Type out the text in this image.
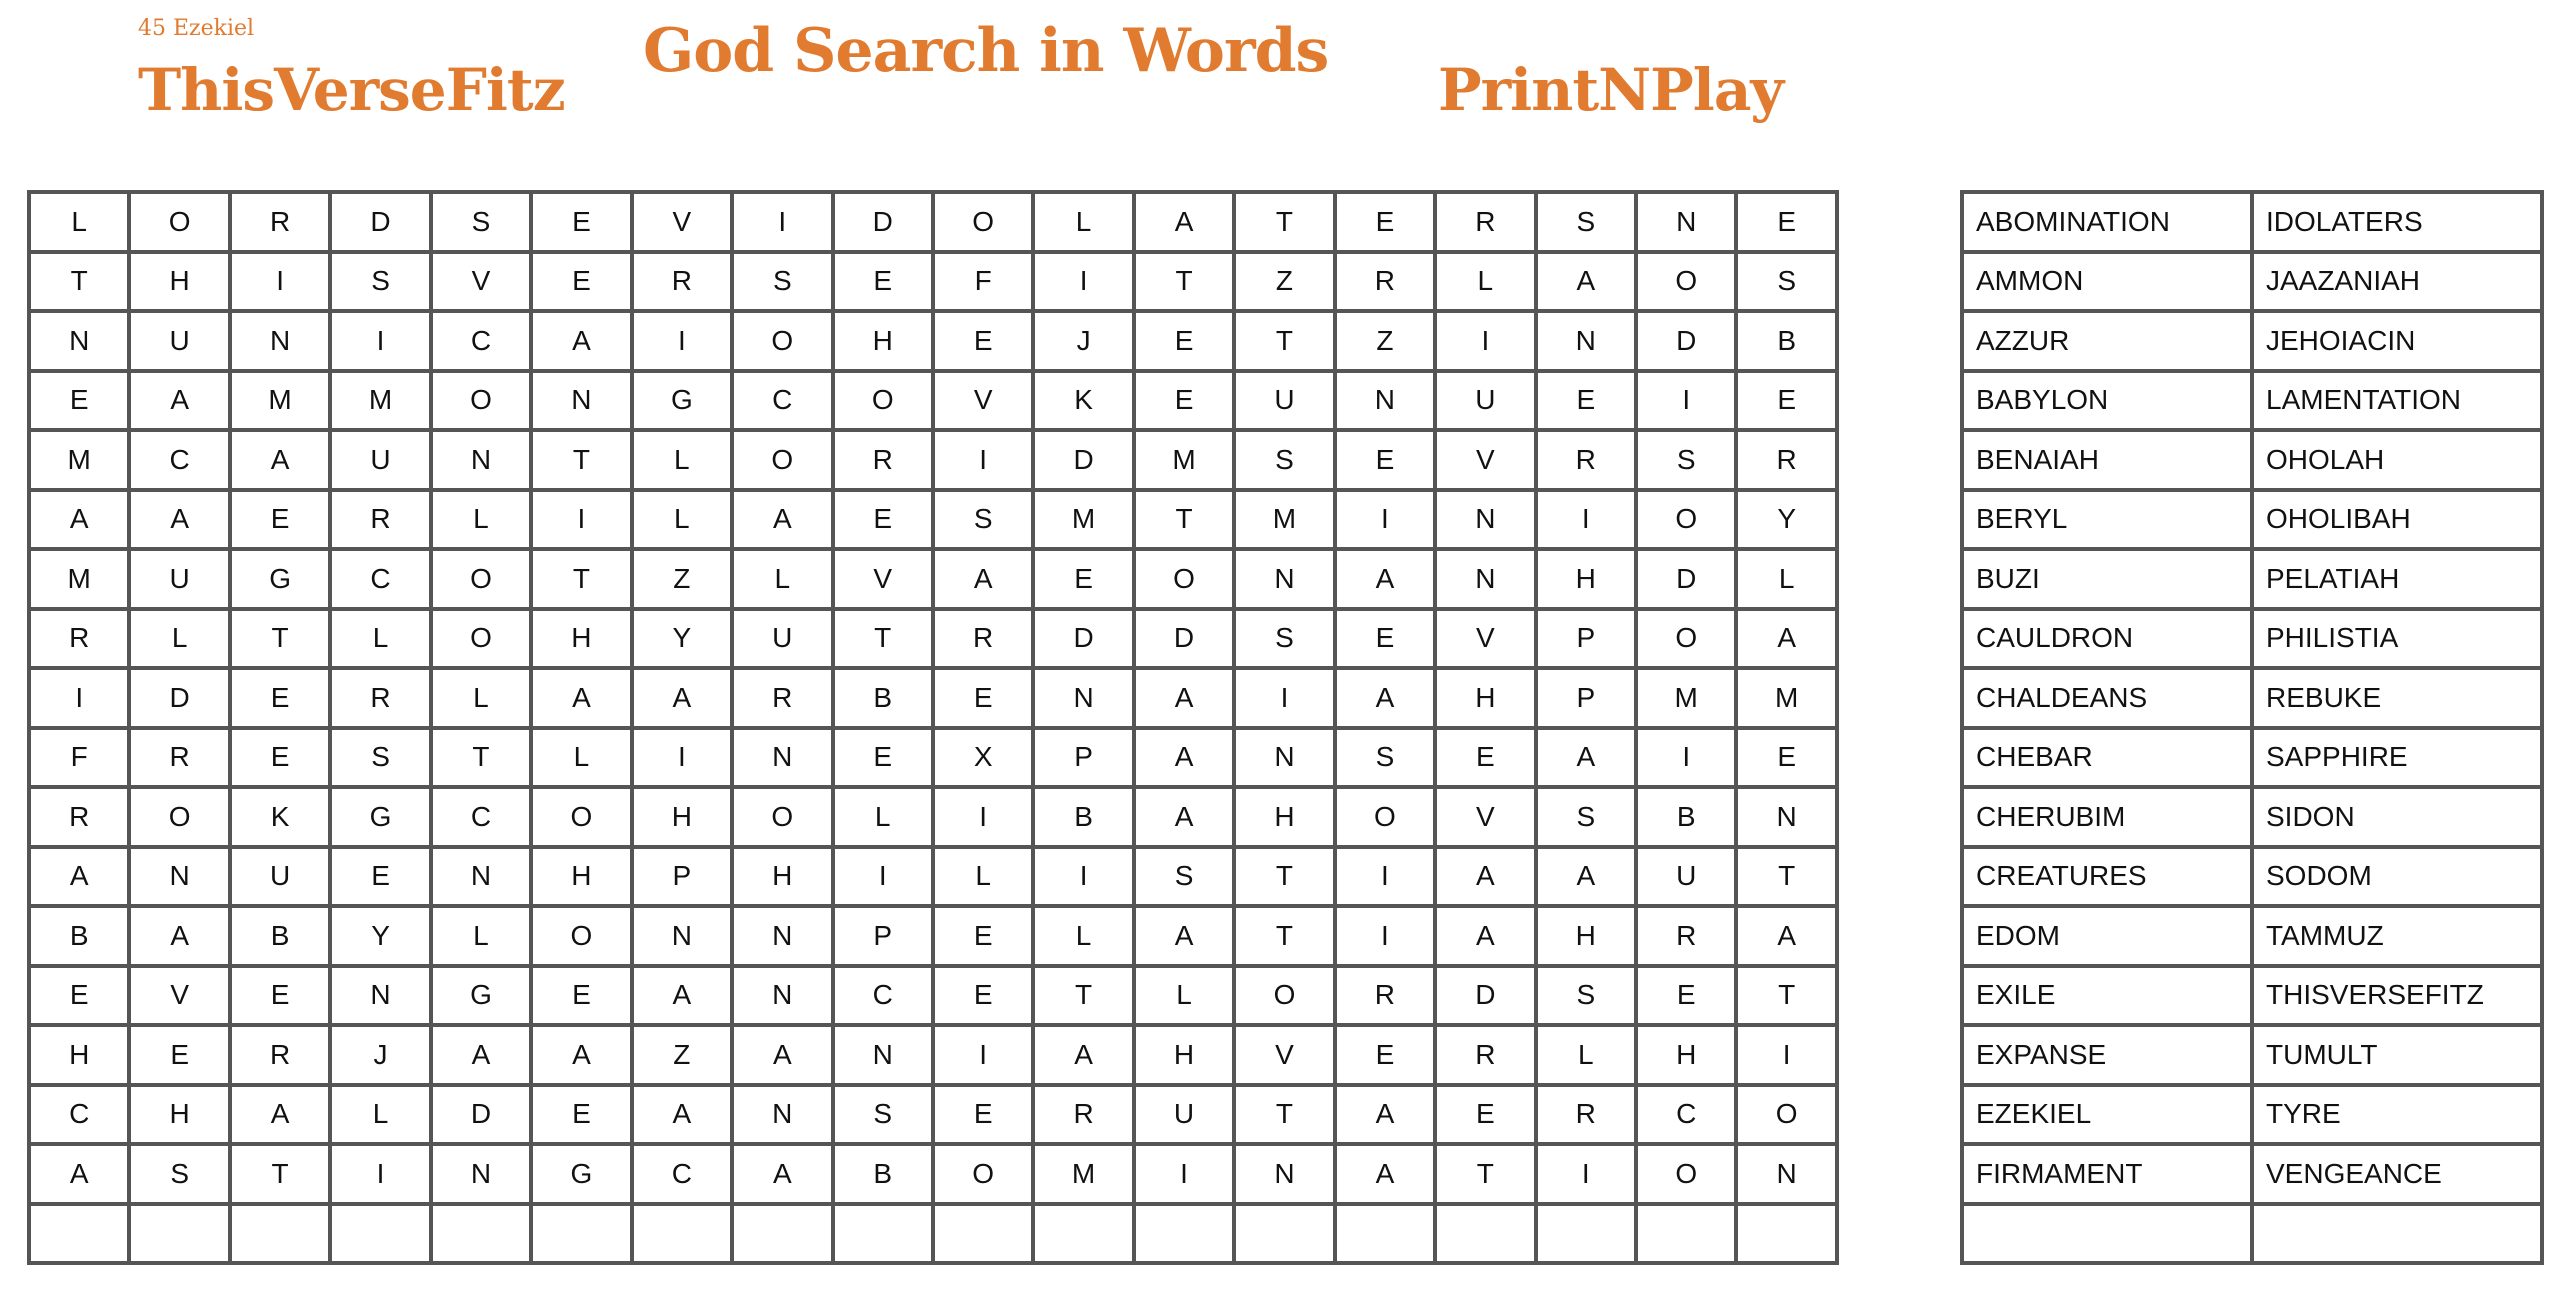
45 Ezekiel
ThisVerseFitz
God Search in Words
PrintNPlay
L	O	R	D	S	E	V	I	D	O	L	A	T	E	R	S	N	E
T	H	I	S	V	E	R	S	E	F	I	T	Z	R	L	A	O	S
N	U	N	I	C	A	I	O	H	E	J	E	T	Z	I	N	D	B
E	A	M	M	O	N	G	C	O	V	K	E	U	N	U	E	I	E
M	C	A	U	N	T	L	O	R	I	D	M	S	E	V	R	S	R
A	A	E	R	L	I	L	A	E	S	M	T	M	I	N	I	O	Y
M	U	G	C	O	T	Z	L	V	A	E	O	N	A	N	H	D	L
R	L	T	L	O	H	Y	U	T	R	D	D	S	E	V	P	O	A
I	D	E	R	L	A	A	R	B	E	N	A	I	A	H	P	M	M
F	R	E	S	T	L	I	N	E	X	P	A	N	S	E	A	I	E
R	O	K	G	C	O	H	O	L	I	B	A	H	O	V	S	B	N
A	N	U	E	N	H	P	H	I	L	I	S	T	I	A	A	U	T
B	A	B	Y	L	O	N	N	P	E	L	A	T	I	A	H	R	A
E	V	E	N	G	E	A	N	C	E	T	L	O	R	D	S	E	T
H	E	R	J	A	A	Z	A	N	I	A	H	V	E	R	L	H	I
C	H	A	L	D	E	A	N	S	E	R	U	T	A	E	R	C	O
A	S	T	I	N	G	C	A	B	O	M	I	N	A	T	I	O	N

ABOMINATION	IDOLATERS
AMMON	JAAZANIAH
AZZUR	JEHOIACIN
BABYLON	LAMENTATION
BENAIAH	OHOLAH
BERYL	OHOLIBAH
BUZI	PELATIAH
CAULDRON	PHILISTIA
CHALDEANS	REBUKE
CHEBAR	SAPPHIRE
CHERUBIM	SIDON
CREATURES	SODOM
EDOM	TAMMUZ
EXILE	THISVERSEFITZ
EXPANSE	TUMULT
EZEKIEL	TYRE
FIRMAMENT	VENGEANCE
